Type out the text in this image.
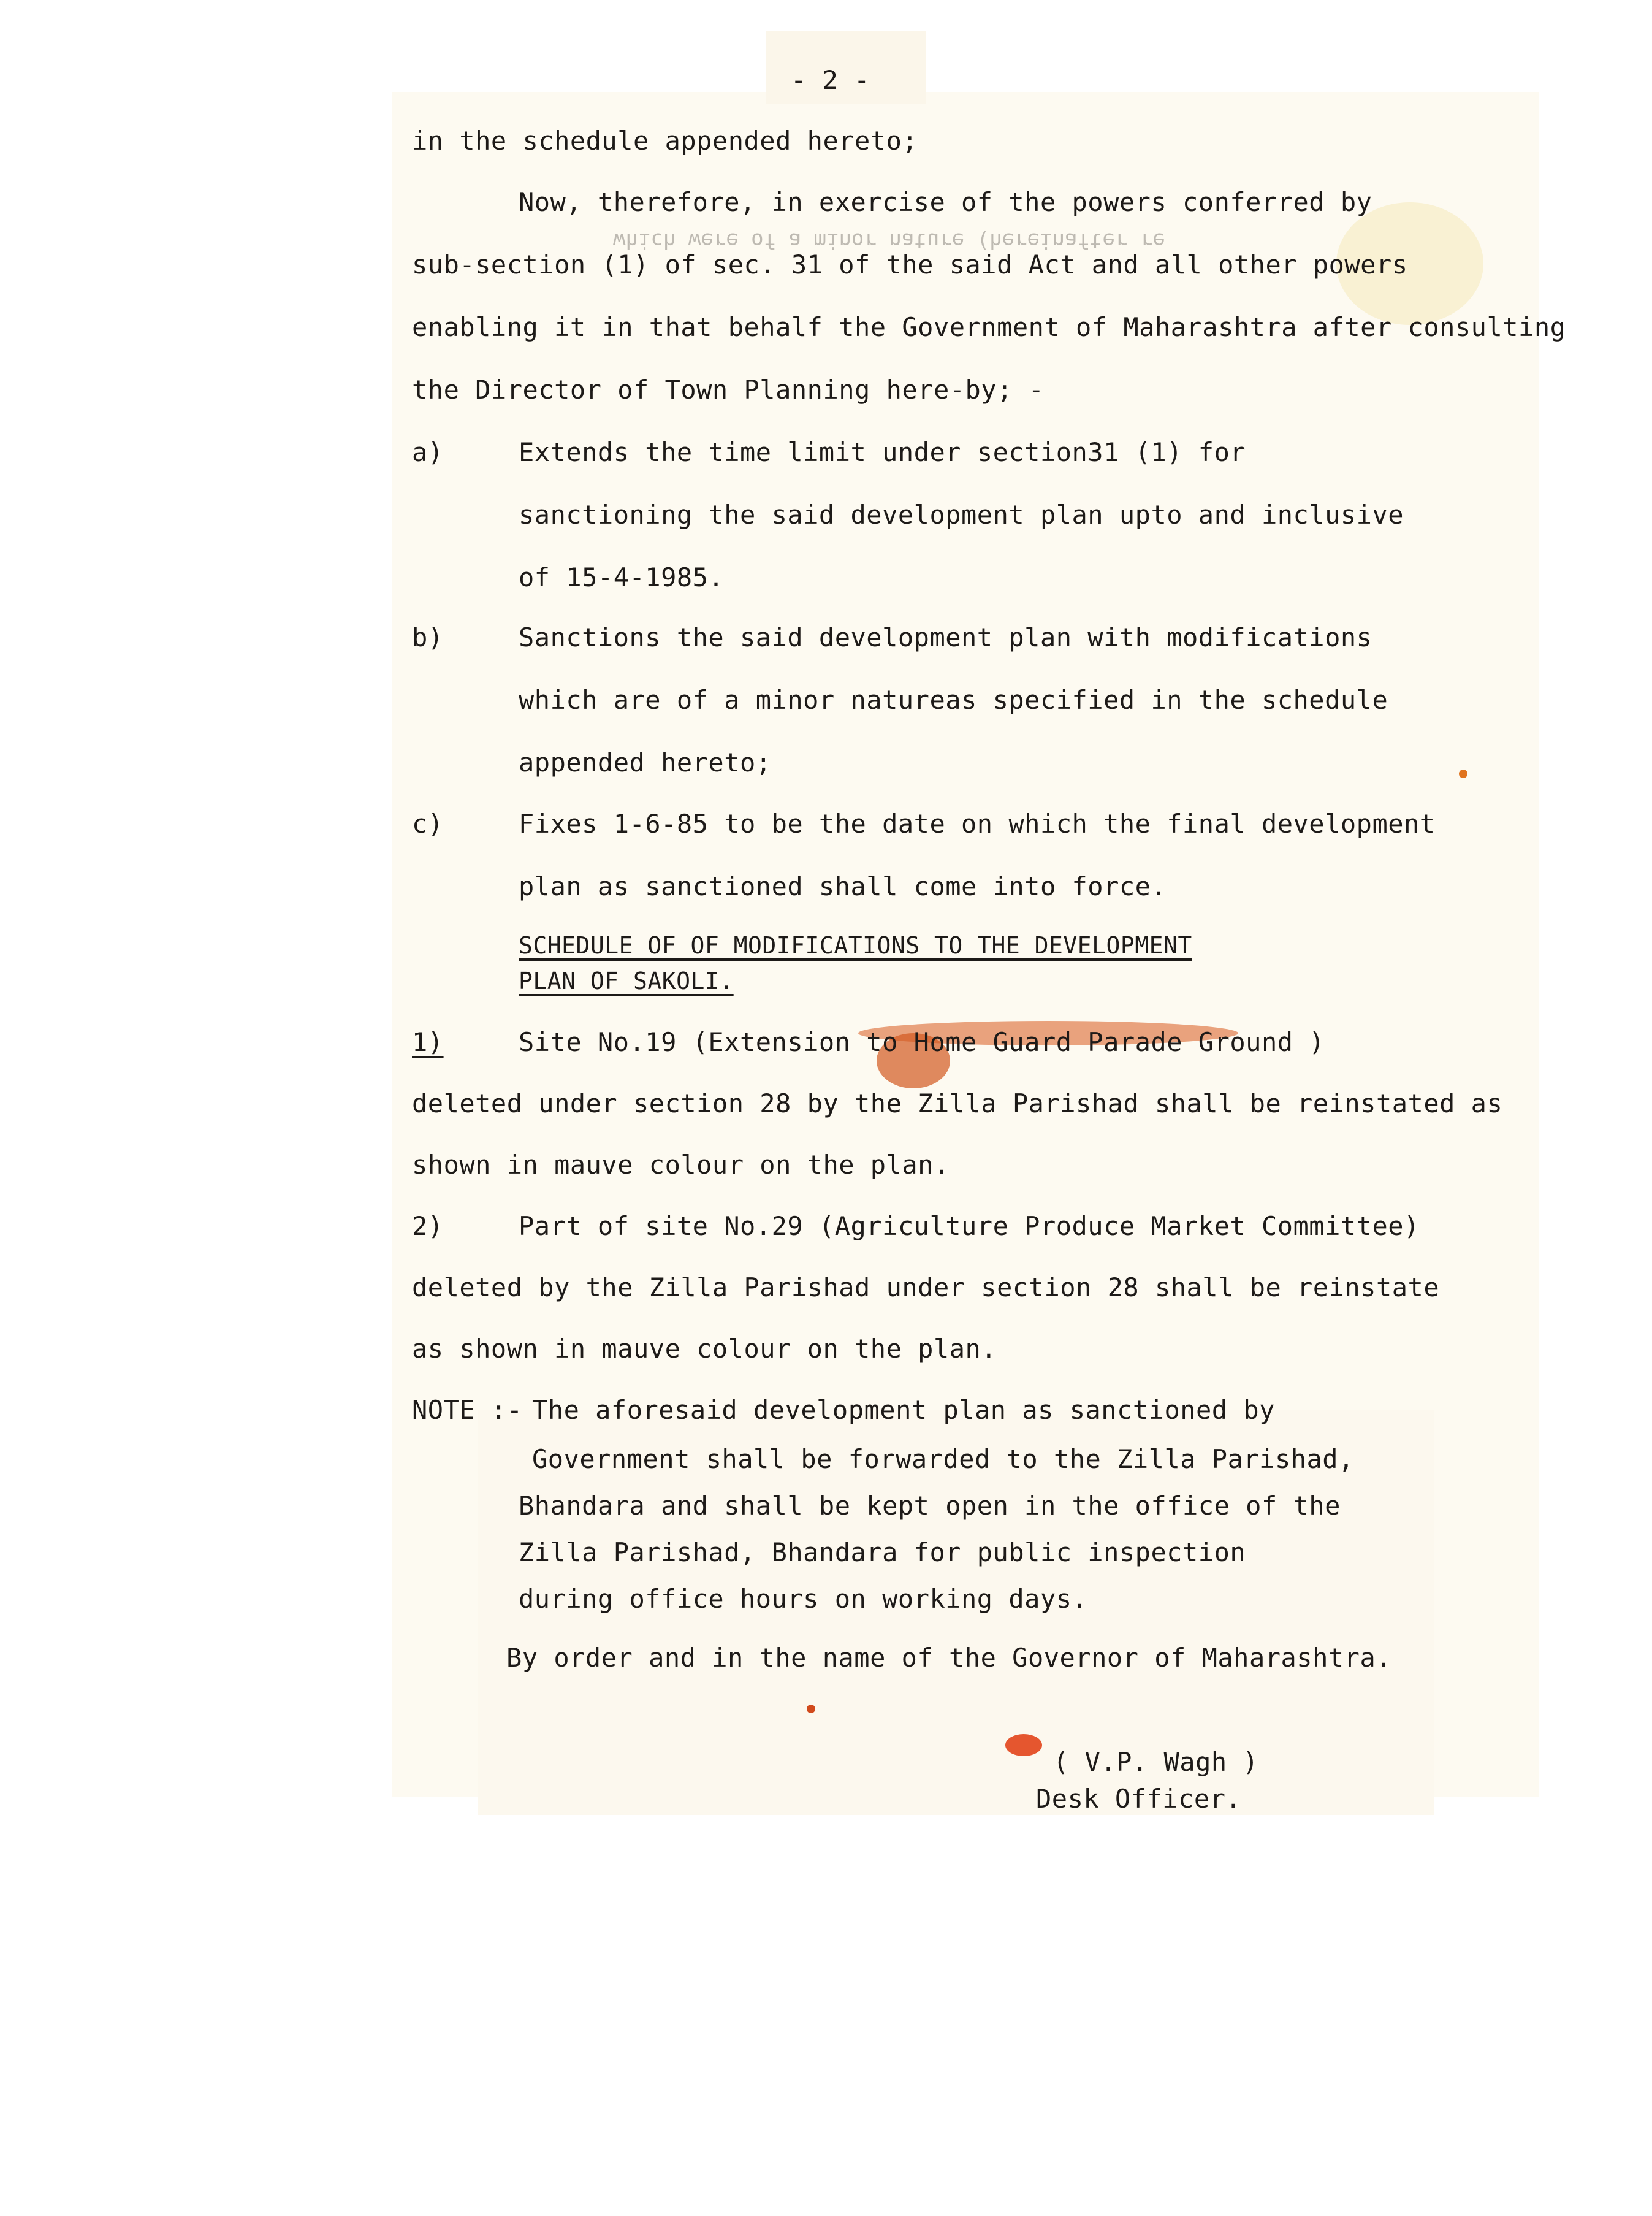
which were of a minor nature (hereinafter re
- 2 -
in the schedule appended hereto;
Now, therefore, in exercise of the powers conferred by
sub-section (1) of sec. 31 of the said Act and all other powers
enabling it in that behalf the Government of Maharashtra after consulting
the Director of Town Planning here-by; -
a)	Extends the time limit under section31 (1) for
sanctioning the said development plan upto and inclusive
of 15-4-1985.
b)	Sanctions the said development plan with modifications
which are of a minor natureas specified in the schedule
appended hereto;
c)	Fixes 1-6-85 to be the date on which the final development
plan as sanctioned shall come into force.
SCHEDULE OF OF MODIFICATIONS TO THE DEVELOPMENT
PLAN OF SAKOLI.
1)	Site No.19 (Extension to Home Guard Parade Ground )
deleted under section 28 by the Zilla Parishad shall be reinstated as
shown in mauve colour on the plan.
2)	Part of site No.29 (Agriculture Produce Market Committee)
deleted by the Zilla Parishad under section 28 shall be reinstate
as shown in mauve colour on the plan.
NOTE :- The aforesaid development plan as sanctioned by
Government shall be forwarded to the Zilla Parishad,
Bhandara and shall be kept open in the office of the
Zilla Parishad, Bhandara for public inspection
during office hours on working days.
By order and in the name of the Governor of Maharashtra.
( V.P. Wagh )
Desk Officer.
